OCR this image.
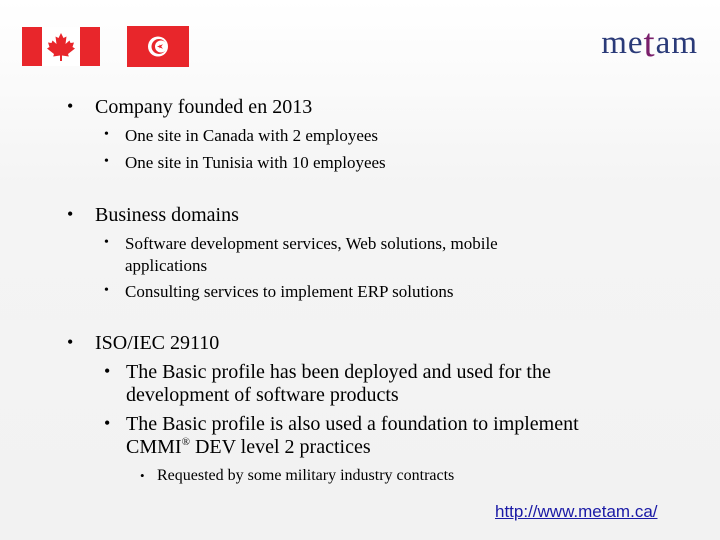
metam
• Company founded en 2013
• One site in Canada with 2 employees
• One site in Tunisia with 10 employees
• Business domains
• Software development services, Web solutions, mobile
applications
• Consulting services to implement ERP solutions
• ISO/IEC 29110
• The Basic profile has been deployed and used for the
development of software products
• The Basic profile is also used a foundation to implement
CMMI® DEV level 2 practices
• Requested by some military industry contracts
http://www.metam.ca/
